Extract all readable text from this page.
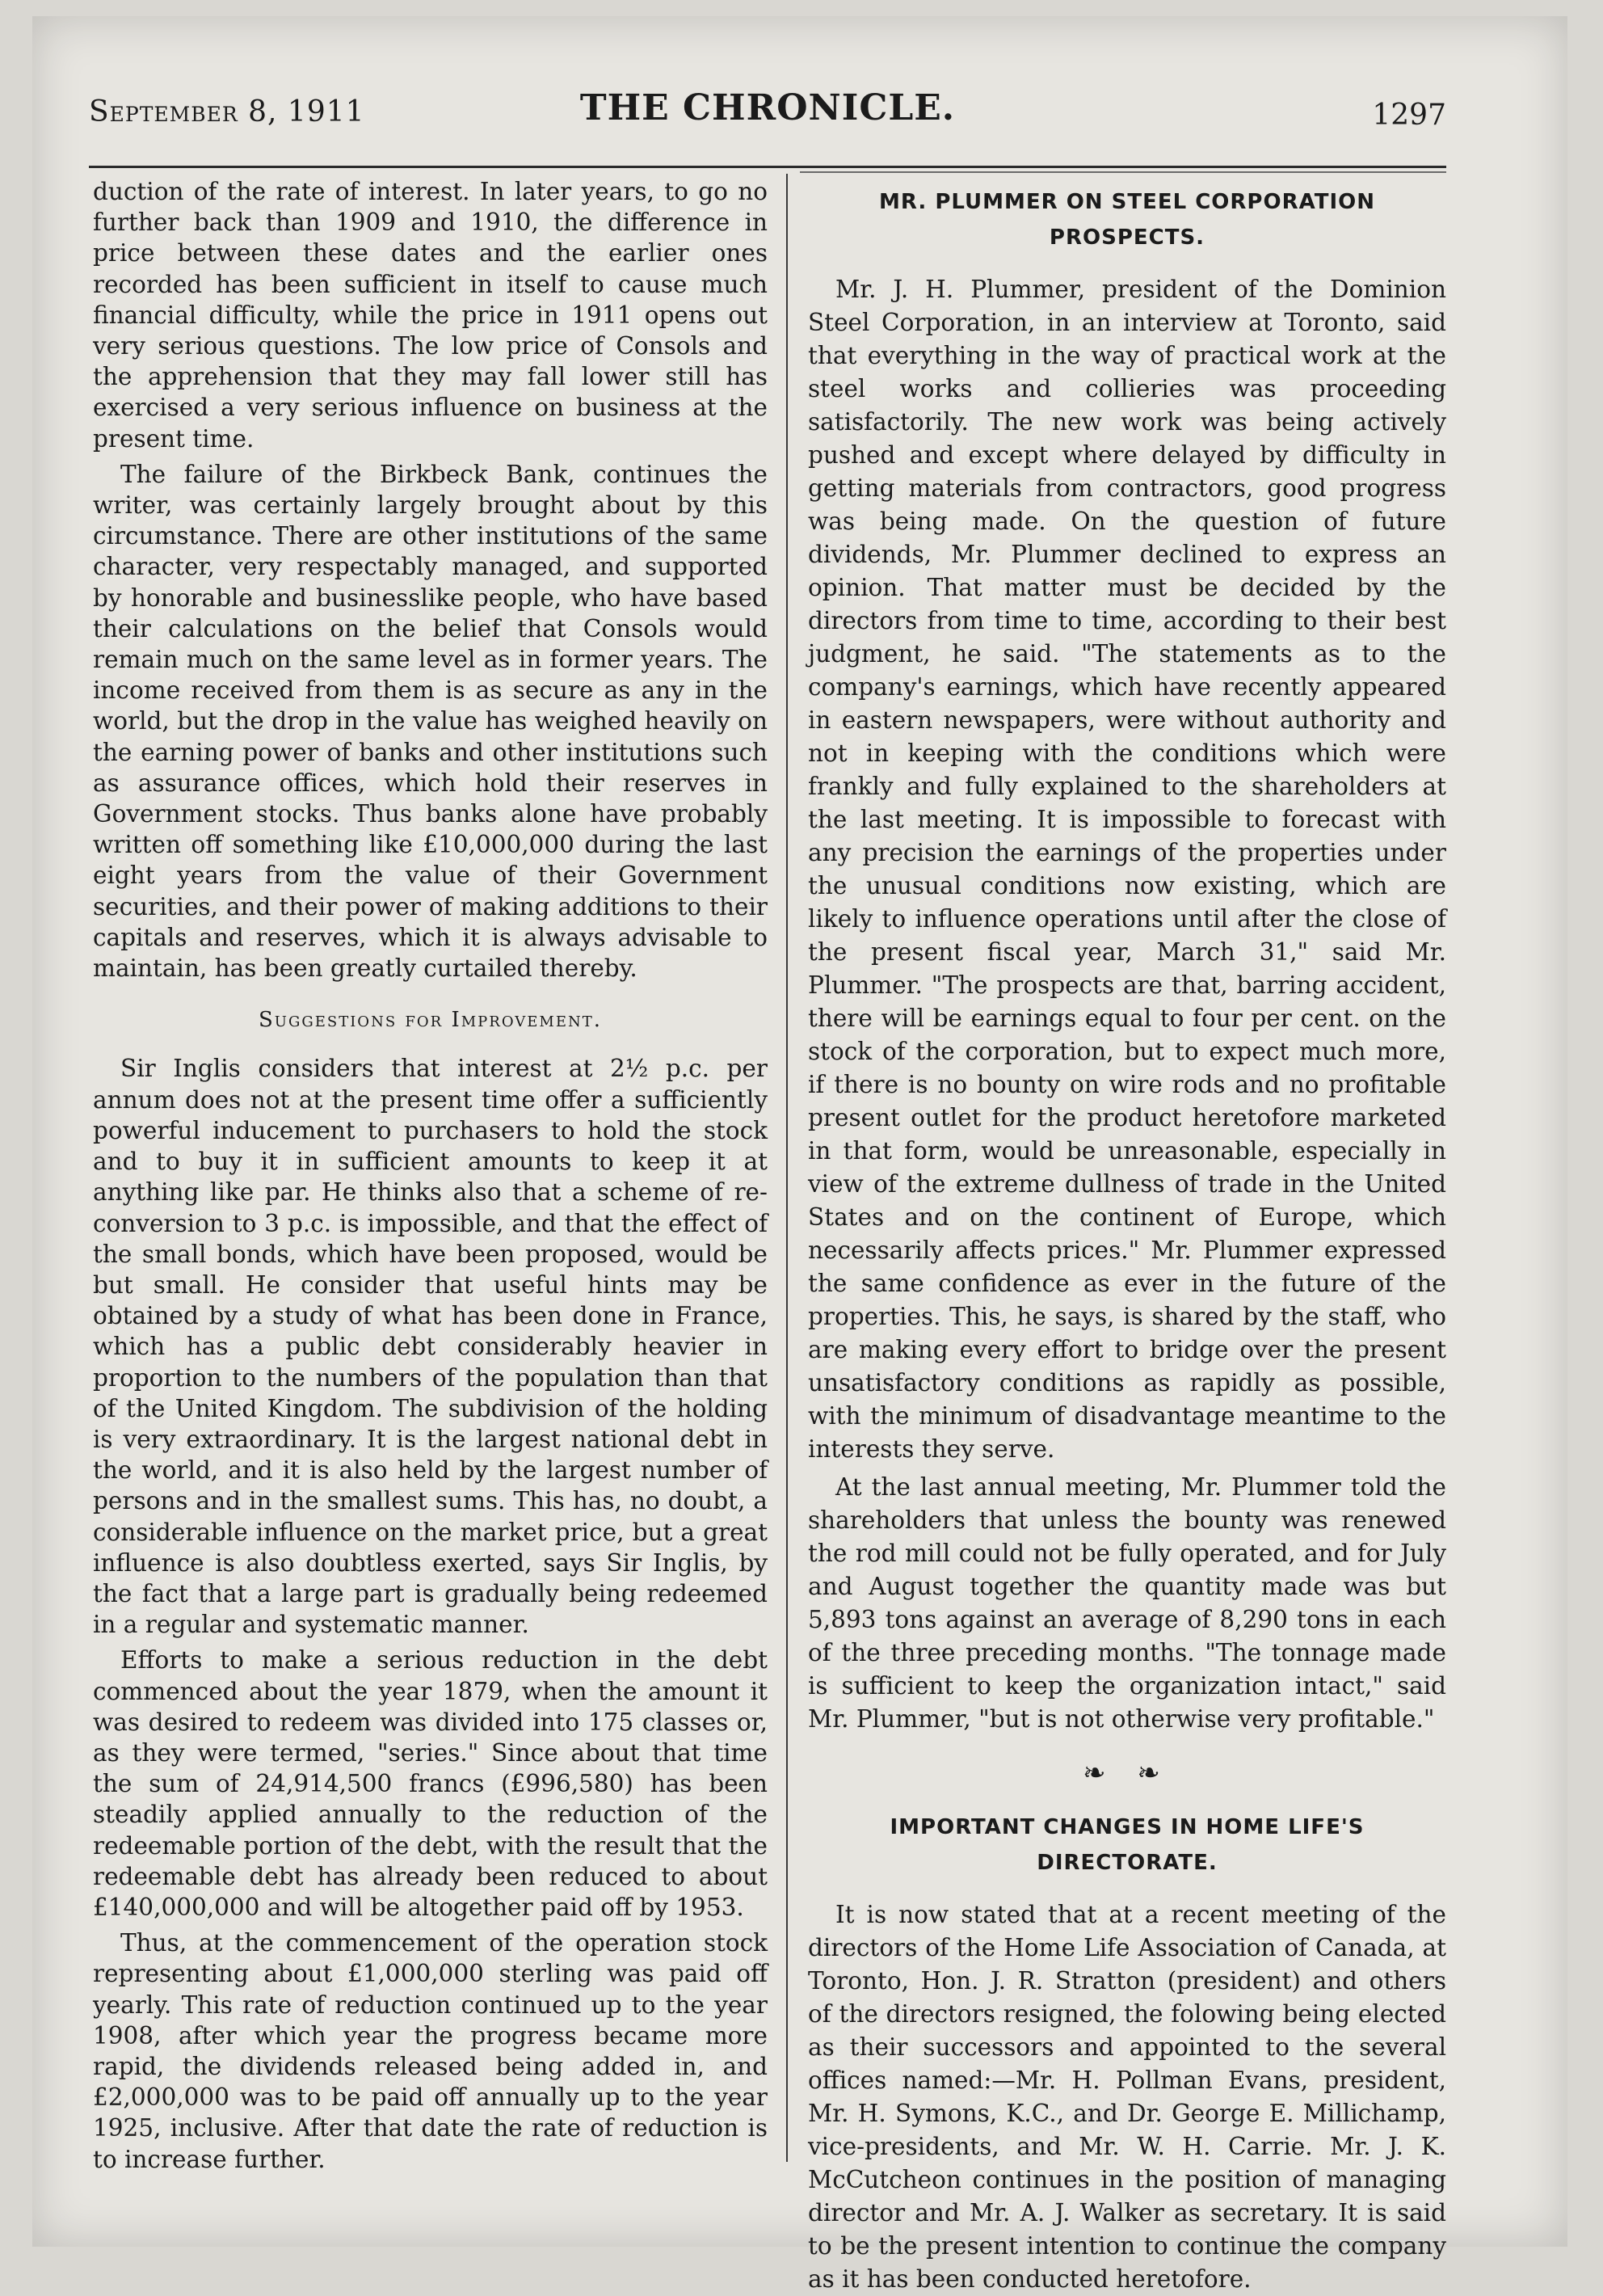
September 8, 1911	THE CHRONICLE.	1297

duction of the rate of interest. In later years, to go no further back than 1909 and 1910, the difference in price between these dates and the earlier ones recorded has been sufficient in itself to cause much financial difficulty, while the price in 1911 opens out very serious questions. The low price of Consols and the apprehension that they may fall lower still has exercised a very serious influence on business at the present time.

The failure of the Birkbeck Bank, continues the writer, was certainly largely brought about by this circumstance. There are other institutions of the same character, very respectably managed, and supported by honorable and businesslike people, who have based their calculations on the belief that Consols would remain much on the same level as in former years. The income received from them is as secure as any in the world, but the drop in the value has weighed heavily on the earning power of banks and other institutions such as assurance offices, which hold their reserves in Government stocks. Thus banks alone have probably written off something like £10,000,000 during the last eight years from the value of their Government securities, and their power of making additions to their capitals and reserves, which it is always advisable to maintain, has been greatly curtailed thereby.

Suggestions for Improvement.

Sir Inglis considers that interest at 2½ p.c. per annum does not at the present time offer a sufficiently powerful inducement to purchasers to hold the stock and to buy it in sufficient amounts to keep it at anything like par. He thinks also that a scheme of re-conversion to 3 p.c. is impossible, and that the effect of the small bonds, which have been proposed, would be but small. He consider that useful hints may be obtained by a study of what has been done in France, which has a public debt considerably heavier in proportion to the numbers of the population than that of the United Kingdom. The subdivision of the holding is very extraordinary. It is the largest national debt in the world, and it is also held by the largest number of persons and in the smallest sums. This has, no doubt, a considerable influence on the market price, but a great influence is also doubtless exerted, says Sir Inglis, by the fact that a large part is gradually being redeemed in a regular and systematic manner.

Efforts to make a serious reduction in the debt commenced about the year 1879, when the amount it was desired to redeem was divided into 175 classes or, as they were termed, "series." Since about that time the sum of 24,914,500 francs (£996,580) has been steadily applied annually to the reduction of the redeemable portion of the debt, with the result that the redeemable debt has already been reduced to about £140,000,000 and will be altogether paid off by 1953.

Thus, at the commencement of the operation stock representing about £1,000,000 sterling was paid off yearly. This rate of reduction continued up to the year 1908, after which year the progress became more rapid, the dividends released being added in, and £2,000,000 was to be paid off annually up to the year 1925, inclusive. After that date the rate of reduction is to increase further.

MR. PLUMMER ON STEEL CORPORATION PROSPECTS.

Mr. J. H. Plummer, president of the Dominion Steel Corporation, in an interview at Toronto, said that everything in the way of practical work at the steel works and collieries was proceeding satisfactorily. The new work was being actively pushed and except where delayed by difficulty in getting materials from contractors, good progress was being made. On the question of future dividends, Mr. Plummer declined to express an opinion. That matter must be decided by the directors from time to time, according to their best judgment, he said. "The statements as to the company's earnings, which have recently appeared in eastern newspapers, were without authority and not in keeping with the conditions which were frankly and fully explained to the shareholders at the last meeting. It is impossible to forecast with any precision the earnings of the properties under the unusual conditions now existing, which are likely to influence operations until after the close of the present fiscal year, March 31," said Mr. Plummer. "The prospects are that, barring accident, there will be earnings equal to four per cent. on the stock of the corporation, but to expect much more, if there is no bounty on wire rods and no profitable present outlet for the product heretofore marketed in that form, would be unreasonable, especially in view of the extreme dullness of trade in the United States and on the continent of Europe, which necessarily affects prices." Mr. Plummer expressed the same confidence as ever in the future of the properties. This, he says, is shared by the staff, who are making every effort to bridge over the present unsatisfactory conditions as rapidly as possible, with the minimum of disadvantage meantime to the interests they serve.

At the last annual meeting, Mr. Plummer told the shareholders that unless the bounty was renewed the rod mill could not be fully operated, and for July and August together the quantity made was but 5,893 tons against an average of 8,290 tons in each of the three preceding months. "The tonnage made is sufficient to keep the organization intact," said Mr. Plummer, "but is not otherwise very profitable."

❧ ❧
IMPORTANT CHANGES IN HOME LIFE'S DIRECTORATE.

It is now stated that at a recent meeting of the directors of the Home Life Association of Canada, at Toronto, Hon. J. R. Stratton (president) and others of the directors resigned, the folowing being elected as their successors and appointed to the several offices named:—Mr. H. Pollman Evans, president, Mr. H. Symons, K.C., and Dr. George E. Millichamp, vice-presidents, and Mr. W. H. Carrie. Mr. J. K. McCutcheon continues in the position of managing director and Mr. A. J. Walker as secretary. It is said to be the present intention to continue the company as it has been conducted heretofore.
